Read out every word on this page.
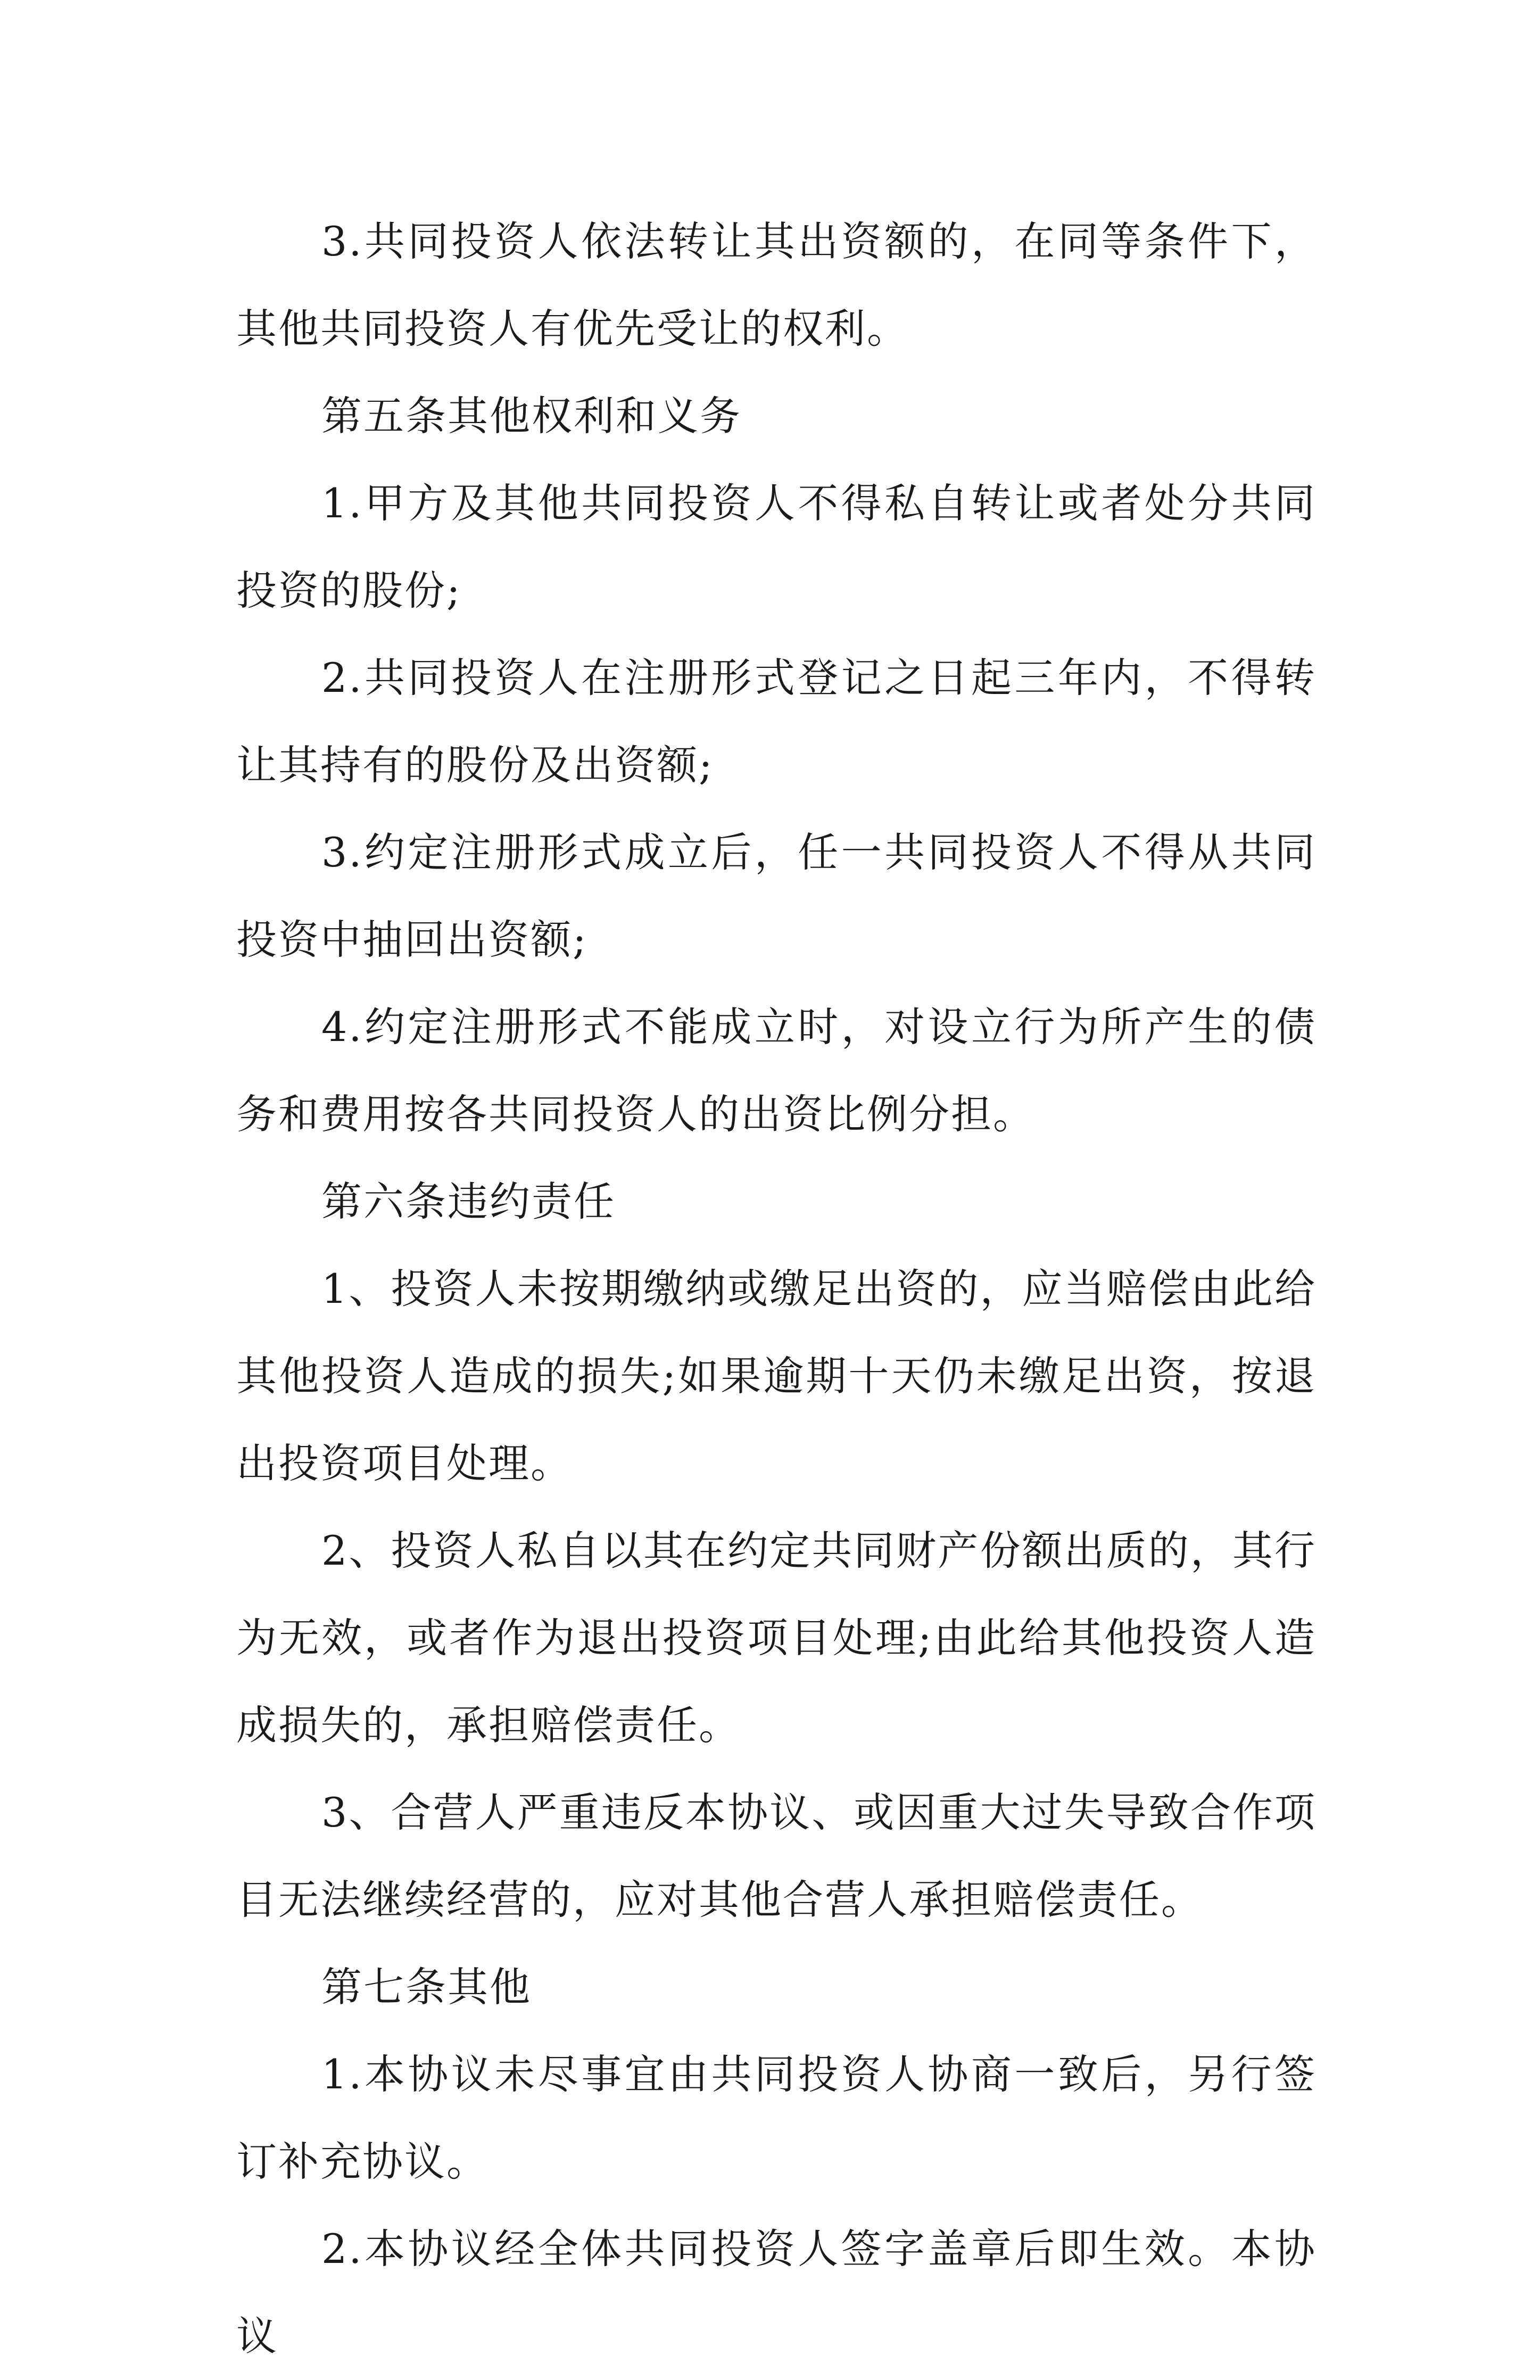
3.共同投资人依法转让其出资额的，在同等条件下，其他共同投资人有优先受让的权利。

第五条其他权利和义务

1.甲方及其他共同投资人不得私自转让或者处分共同投资的股份;

2.共同投资人在注册形式登记之日起三年内，不得转让其持有的股份及出资额;

3.约定注册形式成立后，任一共同投资人不得从共同投资中抽回出资额;

4.约定注册形式不能成立时，对设立行为所产生的债务和费用按各共同投资人的出资比例分担。

第六条违约责任

1、投资人未按期缴纳或缴足出资的，应当赔偿由此给其他投资人造成的损失;如果逾期十天仍未缴足出资，按退出投资项目处理。

2、投资人私自以其在约定共同财产份额出质的，其行为无效，或者作为退出投资项目处理;由此给其他投资人造成损失的，承担赔偿责任。

3、合营人严重违反本协议、或因重大过失导致合作项目无法继续经营的，应对其他合营人承担赔偿责任。

第七条其他

1.本协议未尽事宜由共同投资人协商一致后，另行签订补充协议。

2.本协议经全体共同投资人签字盖章后即生效。本协议
